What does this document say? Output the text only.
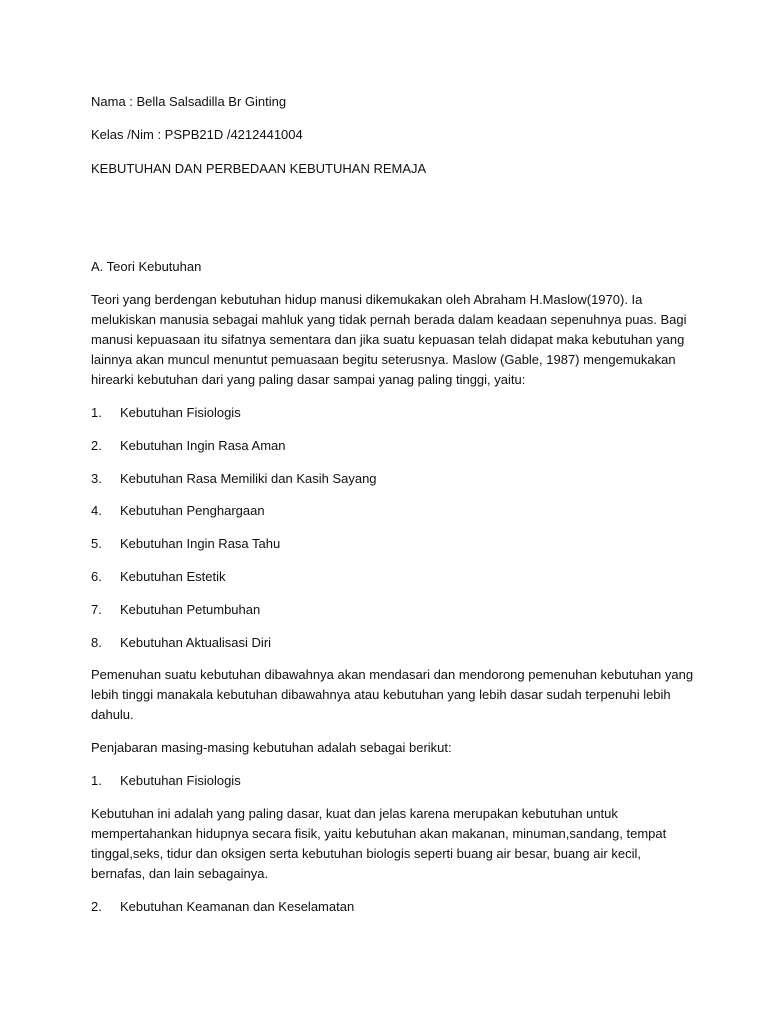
Nama : Bella Salsadilla Br Ginting
Kelas /Nim : PSPB21D /4212441004
KEBUTUHAN DAN PERBEDAAN KEBUTUHAN REMAJA
A. Teori Kebutuhan
Teori yang berdengan kebutuhan hidup manusi dikemukakan oleh Abraham H.Maslow(1970). Ia
melukiskan manusia sebagai mahluk yang tidak pernah berada dalam keadaan sepenuhnya puas. Bagi
manusi kepuasaan itu sifatnya sementara dan jika suatu kepuasan telah didapat maka kebutuhan yang
lainnya akan muncul menuntut pemuasaan begitu seterusnya. Maslow (Gable, 1987) mengemukakan
hirearki kebutuhan dari yang paling dasar sampai yanag paling tinggi, yaitu:
1. Kebutuhan Fisiologis
2. Kebutuhan Ingin Rasa Aman
3. Kebutuhan Rasa Memiliki dan Kasih Sayang
4. Kebutuhan Penghargaan
5. Kebutuhan Ingin Rasa Tahu
6. Kebutuhan Estetik
7. Kebutuhan Petumbuhan
8. Kebutuhan Aktualisasi Diri
Pemenuhan suatu kebutuhan dibawahnya akan mendasari dan mendorong pemenuhan kebutuhan yang
lebih tinggi manakala kebutuhan dibawahnya atau kebutuhan yang lebih dasar sudah terpenuhi lebih
dahulu.
Penjabaran masing-masing kebutuhan adalah sebagai berikut:
1. Kebutuhan Fisiologis
Kebutuhan ini adalah yang paling dasar, kuat dan jelas karena merupakan kebutuhan untuk
mempertahankan hidupnya secara fisik, yaitu kebutuhan akan makanan, minuman,sandang, tempat
tinggal,seks, tidur dan oksigen serta kebutuhan biologis seperti buang air besar, buang air kecil,
bernafas, dan lain sebagainya.
2. Kebutuhan Keamanan dan Keselamatan
